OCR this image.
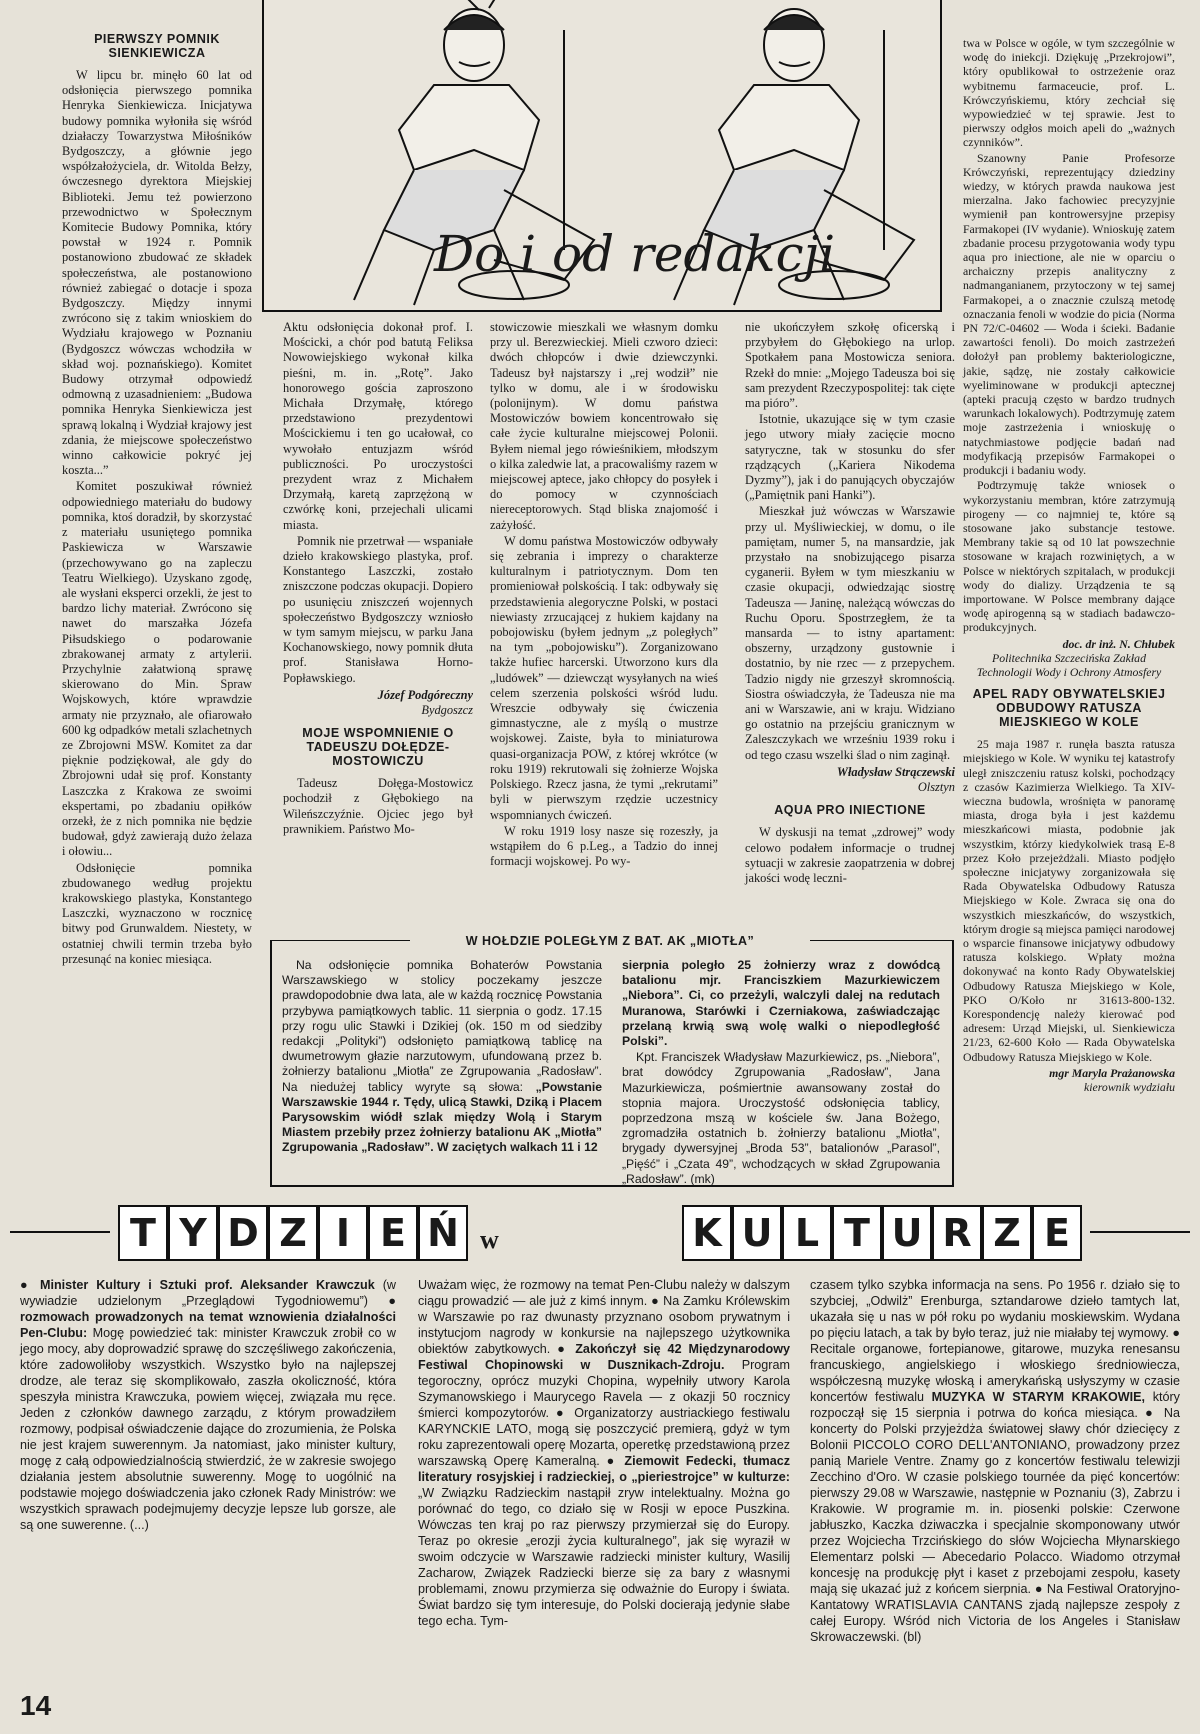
PIERWSZY POMNIK SIENKIEWICZA

W lipcu br. minęło 60 lat od odsłonięcia pierwszego pomnika Henryka Sienkiewicza. Inicjatywa budowy pomnika wyłoniła się wśród działaczy Towarzystwa Miłośników Bydgoszczy, a głównie jego współzałożyciela, dr. Witolda Bełzy, ówczesnego dyrektora Miejskiej Biblioteki. Jemu też powierzono przewodnictwo w Społecznym Komitecie Budowy Pomnika, który powstał w 1924 r. Pomnik postanowiono zbudować ze składek społeczeństwa, ale postanowiono również zabiegać o dotacje i spoza Bydgoszczy. Między innymi zwrócono się z takim wnioskiem do Wydziału krajowego w Poznaniu (Bydgoszcz wówczas wchodziła w skład woj. poznańskiego). Komitet Budowy otrzymał odpowiedź odmowną z uzasadnieniem: „Budowa pomnika Henryka Sienkiewicza jest sprawą lokalną i Wydział krajowy jest zdania, że miejscowe społeczeństwo winno całkowicie pokryć jej koszta...”

Komitet poszukiwał również odpowiedniego materiału do budowy pomnika, ktoś doradził, by skorzystać z materiału usuniętego pomnika Paskiewicza w Warszawie (przechowywano go na zapleczu Teatru Wielkiego). Uzyskano zgodę, ale wysłani eksperci orzekli, że jest to bardzo lichy materiał. Zwrócono się nawet do marszałka Józefa Piłsudskiego o podarowanie zbrakowanej armaty z artylerii. Przychylnie załatwioną sprawę skierowano do Min. Spraw Wojskowych, które wprawdzie armaty nie przyznało, ale ofiarowało 600 kg odpadków metali szlachetnych ze Zbrojowni MSW. Komitet za dar pięknie podziękował, ale gdy do Zbrojowni udał się prof. Konstanty Laszczka z Krakowa ze swoimi ekspertami, po zbadaniu opiłków orzekł, że z nich pomnika nie będzie budował, gdyż zawierają dużo żelaza i ołowiu...

Odsłonięcie pomnika zbudowanego według projektu krakowskiego plastyka, Konstantego Laszczki, wyznaczono w rocznicę bitwy pod Grunwaldem. Niestety, w ostatniej chwili termin trzeba było przesunąć na koniec miesiąca.

Do i od redakcji

Aktu odsłonięcia dokonał prof. I. Mościcki, a chór pod batutą Feliksa Nowowiejskiego wykonał kilka pieśni, m. in. „Rotę”. Jako honorowego gościa zaproszono Michała Drzymałę, którego przedstawiono prezydentowi Mościckiemu i ten go ucałował, co wywołało entuzjazm wśród publiczności. Po uroczystości prezydent wraz z Michałem Drzymałą, karetą zaprzężoną w czwórkę koni, przejechali ulicami miasta.

Pomnik nie przetrwał — wspaniałe dzieło krakowskiego plastyka, prof. Konstantego Laszczki, zostało zniszczone podczas okupacji. Dopiero po usunięciu zniszczeń wojennych społeczeństwo Bydgoszczy wzniosło w tym samym miejscu, w parku Jana Kochanowskiego, nowy pomnik dłuta prof. Stanisława Horno-Popławskiego.

Józef Podgóreczny
Bydgoszcz
MOJE WSPOMNIENIE O TADEUSZU DOŁĘDZE-MOSTOWICZU

Tadeusz Dołęga-Mostowicz pochodził z Głębokiego na Wileńszczyźnie. Ojciec jego był prawnikiem. Państwo Mo-

stowiczowie mieszkali we własnym domku przy ul. Berezwieckiej. Mieli czworo dzieci: dwóch chłopców i dwie dziewczynki. Tadeusz był najstarszy i „rej wodził” nie tylko w domu, ale i w środowisku (polonijnym). W domu państwa Mostowiczów bowiem koncentrowało się całe życie kulturalne miejscowej Polonii. Byłem niemal jego rówieśnikiem, młodszym o kilka zaledwie lat, a pracowaliśmy razem w miejscowej aptece, jako chłopcy do posyłek i do pomocy w czynnościach niereceptorowych. Stąd bliska znajomość i zażyłość.

W domu państwa Mostowiczów odbywały się zebrania i imprezy o charakterze kulturalnym i patriotycznym. Dom ten promieniował polskością. I tak: odbywały się przedstawienia alegoryczne Polski, w postaci niewiasty zrzucającej z hukiem kajdany na pobojowisku (byłem jednym „z poległych” na tym „pobojowisku”). Zorganizowano także hufiec harcerski. Utworzono kurs dla „ludówek” — dziewcząt wysyłanych na wieś celem szerzenia polskości wśród ludu. Wreszcie odbywały się ćwiczenia gimnastyczne, ale z myślą o mustrze wojskowej. Zaiste, była to miniaturowa quasi-organizacja POW, z której wkrótce (w roku 1919) rekrutowali się żołnierze Wojska Polskiego. Rzecz jasna, że tymi „rekrutami” byli w pierwszym rzędzie uczestnicy wspomnianych ćwiczeń.

W roku 1919 losy nasze się rozeszły, ja wstąpiłem do 6 p.Leg., a Tadzio do innej formacji wojskowej. Po wy-

nie ukończyłem szkołę oficerską i przybyłem do Głębokiego na urlop. Spotkałem pana Mostowicza seniora. Rzekł do mnie: „Mojego Tadeusza boi się sam prezydent Rzeczypospolitej: tak cięte ma pióro”.

Istotnie, ukazujące się w tym czasie jego utwory miały zacięcie mocno satyryczne, tak w stosunku do sfer rządzących („Kariera Nikodema Dyzmy”), jak i do panujących obyczajów („Pamiętnik pani Hanki”).

Mieszkał już wówczas w Warszawie przy ul. Myśliwieckiej, w domu, o ile pamiętam, numer 5, na mansardzie, jak przystało na snobizującego pisarza cyganerii. Byłem w tym mieszkaniu w czasie okupacji, odwiedzając siostrę Tadeusza — Janinę, należącą wówczas do Ruchu Oporu. Spostrzegłem, że ta mansarda — to istny apartament: obszerny, urządzony gustownie i dostatnio, by nie rzec — z przepychem. Tadzio nigdy nie grzeszył skromnością. Siostra oświadczyła, że Tadeusza nie ma ani w Warszawie, ani w kraju. Widziano go ostatnio na przejściu granicznym w Zaleszczykach we wrześniu 1939 roku i od tego czasu wszelki ślad o nim zaginął.

Władysław Strączewski
Olsztyn
AQUA PRO INIECTIONE

W dyskusji na temat „zdrowej” wody celowo podałem informacje o trudnej sytuacji w zakresie zaopatrzenia w dobrej jakości wodę leczni-

twa w Polsce w ogóle, w tym szczególnie w wodę do iniekcji. Dziękuję „Przekrojowi”, który opublikował to ostrzeżenie oraz wybitnemu farmaceucie, prof. L. Krówczyńskiemu, który zechciał się wypowiedzieć w tej sprawie. Jest to pierwszy odgłos moich apeli do „ważnych czynników”.

Szanowny Panie Profesorze Krówczyński, reprezentujący dziedziny wiedzy, w których prawda naukowa jest mierzalna. Jako fachowiec precyzyjnie wymienił pan kontrowersyjne przepisy Farmakopei (IV wydanie). Wnioskuję zatem zbadanie procesu przygotowania wody typu aqua pro iniectione, ale nie w oparciu o archaiczny przepis analityczny z nadmanganianem, przytoczony w tej samej Farmakopei, a o znacznie czulszą metodę oznaczania fenoli w wodzie do picia (Norma PN 72/C-04602 — Woda i ścieki. Badanie zawartości fenoli). Do moich zastrzeżeń dołożył pan problemy bakteriologiczne, jakie, sądzę, nie zostały całkowicie wyeliminowane w produkcji aptecznej (apteki pracują często w bardzo trudnych warunkach lokalowych). Podtrzymuję zatem moje zastrzeżenia i wnioskuję o natychmiastowe podjęcie badań nad modyfikacją przepisów Farmakopei o produkcji i badaniu wody.

Podtrzymuję także wniosek o wykorzystaniu membran, które zatrzymują pirogeny — co najmniej te, które są stosowane jako substancje testowe. Membrany takie są od 10 lat powszechnie stosowane w krajach rozwiniętych, a w Polsce w niektórych szpitalach, w produkcji wody do dializy. Urządzenia te są importowane. W Polsce membrany dające wodę apirogenną są w stadiach badawczo-produkcyjnych.

doc. dr inż. N. Chłubek
Politechnika Szczecińska Zakład Technologii Wody i Ochrony Atmosfery
APEL RADY OBYWATELSKIEJ ODBUDOWY RATUSZA MIEJSKIEGO W KOLE

25 maja 1987 r. runęła baszta ratusza miejskiego w Kole. W wyniku tej katastrofy uległ zniszczeniu ratusz kolski, pochodzący z czasów Kazimierza Wielkiego. Ta XIV-wieczna budowla, wrośnięta w panoramę miasta, droga była i jest każdemu mieszkańcowi miasta, podobnie jak wszystkim, którzy kiedykolwiek trasą E-8 przez Koło przejeżdżali. Miasto podjęło społeczne inicjatywy zorganizowała się Rada Obywatelska Odbudowy Ratusza Miejskiego w Kole. Zwraca się ona do wszystkich mieszkańców, do wszystkich, którym drogie są miejsca pamięci narodowej o wsparcie finansowe inicjatywy odbudowy ratusza kolskiego. Wpłaty można dokonywać na konto Rady Obywatelskiej Odbudowy Ratusza Miejskiego w Kole, PKO O/Koło nr 31613-800-132. Korespondencję należy kierować pod adresem: Urząd Miejski, ul. Sienkiewicza 21/23, 62-600 Koło — Rada Obywatelska Odbudowy Ratusza Miejskiego w Kole.

mgr Maryla Prażanowska
kierownik wydziału
W HOŁDZIE POLEGŁYM Z BAT. AK „MIOTŁA”

Na odsłonięcie pomnika Bohaterów Powstania Warszawskiego w stolicy poczekamy jeszcze prawdopodobnie dwa lata, ale w każdą rocznicę Powstania przybywa pamiątkowych tablic. 11 sierpnia o godz. 17.15 przy rogu ulic Stawki i Dzikiej (ok. 150 m od siedziby redakcji „Polityki”) odsłonięto pamiątkową tablicę na dwumetrowym głazie narzutowym, ufundowaną przez b. żołnierzy batalionu „Miotła” ze Zgrupowania „Radosław”. Na niedużej tablicy wyryte są słowa: „Powstanie Warszawskie 1944 r. Tędy, ulicą Stawki, Dziką i Placem Parysowskim wiódł szlak między Wolą i Starym Miastem przebiły przez żołnierzy batalionu AK „Miotła” Zgrupowania „Radosław”. W zaciętych walkach 11 i 12

sierpnia poległo 25 żołnierzy wraz z dowódcą batalionu mjr. Franciszkiem Mazurkiewiczem „Niebora”. Ci, co przeżyli, walczyli dalej na redutach Muranowa, Starówki i Czerniakowa, zaświadczając przelaną krwią swą wolę walki o niepodległość Polski”.

Kpt. Franciszek Władysław Mazurkiewicz, ps. „Niebora”, brat dowódcy Zgrupowania „Radosław”, Jana Mazurkiewicza, pośmiertnie awansowany został do stopnia majora. Uroczystość odsłonięcia tablicy, poprzedzona mszą w kościele św. Jana Bożego, zgromadziła ostatnich b. żołnierzy batalionu „Miotła”, brygady dywersyjnej „Broda 53”, batalionów „Parasol”, „Pięść” i „Czata 49”, wchodzących w skład Zgrupowania „Radosław”. (mk)

T Y D Z I E Ń w	K U L T U R Z E
● Minister Kultury i Sztuki prof. Aleksander Krawczuk (w wywiadzie udzielonym „Przeglądowi Tygodniowemu”) ● rozmowach prowadzonych na temat wznowienia działalności Pen-Clubu: Mogę powiedzieć tak: minister Krawczuk zrobił co w jego mocy, aby doprowadzić sprawę do szczęśliwego zakończenia, które zadowoliłoby wszystkich. Wszystko było na najlepszej drodze, ale teraz się skomplikowało, zaszła okoliczność, która speszyła ministra Krawczuka, powiem więcej, związała mu ręce. Jeden z członków dawnego zarządu, z którym prowadziłem rozmowy, podpisał oświadczenie dające do zrozumienia, że Polska nie jest krajem suwerennym. Ja natomiast, jako minister kultury, mogę z całą odpowiedzialnością stwierdzić, że w zakresie swojego działania jestem absolutnie suwerenny. Mogę to uogólnić na podstawie mojego doświadczenia jako członek Rady Ministrów: we wszystkich sprawach podejmujemy decyzje lepsze lub gorsze, ale są one suwerenne. (...)
Uważam więc, że rozmowy na temat Pen-Clubu należy w dalszym ciągu prowadzić — ale już z kimś innym. ● Na Zamku Królewskim w Warszawie po raz dwunasty przyznano osobom prywatnym i instytucjom nagrody w konkursie na najlepszego użytkownika obiektów zabytkowych. ● Zakończył się 42 Międzynarodowy Festiwal Chopinowski w Dusznikach-Zdroju. Program tegoroczny, oprócz muzyki Chopina, wypełniły utwory Karola Szymanowskiego i Maurycego Ravela — z okazji 50 rocznicy śmierci kompozytorów. ● Organizatorzy austriackiego festiwalu KARYNCKIE LATO, mogą się poszczycić premierą, gdyż w tym roku zaprezentowali operę Mozarta, operetkę przedstawioną przez warszawską Operę Kameralną. ● Ziemowit Fedecki, tłumacz literatury rosyjskiej i radzieckiej, o „pieriestrojce” w kulturze: „W Związku Radzieckim nastąpił zryw intelektualny. Można go porównać do tego, co działo się w Rosji w epoce Puszkina. Wówczas ten kraj po raz pierwszy przymierzał się do Europy. Teraz po okresie „erozji życia kulturalnego”, jak się wyraził w swoim odczycie w Warszawie radziecki minister kultury, Wasilij Zacharow, Związek Radziecki bierze się za bary z własnymi problemami, znowu przymierza się odważnie do Europy i świata. Świat bardzo się tym interesuje, do Polski docierają jedynie słabe tego echa. Tym-
czasem tylko szybka informacja na sens. Po 1956 r. działo się to szybciej, „Odwilż” Erenburga, sztandarowe dzieło tamtych lat, ukazała się u nas w pół roku po wydaniu moskiewskim. Wydana po pięciu latach, a tak by było teraz, już nie miałaby tej wymowy. ● Recitale organowe, fortepianowe, gitarowe, muzyka renesansu francuskiego, angielskiego i włoskiego średniowiecza, współczesną muzykę włoską i amerykańską usłyszymy w czasie koncertów festiwalu MUZYKA W STARYM KRAKOWIE, który rozpoczął się 15 sierpnia i potrwa do końca miesiąca. ● Na koncerty do Polski przyjeżdża światowej sławy chór dziecięcy z Bolonii PICCOLO CORO DELL'ANTONIANO, prowadzony przez panią Mariele Ventre. Znamy go z koncertów festiwalu telewizji Zecchino d'Oro. W czasie polskiego tournée da pięć koncertów: pierwszy 29.08 w Warszawie, następnie w Poznaniu (3), Zabrzu i Krakowie. W programie m. in. piosenki polskie: Czerwone jabłuszko, Kaczka dziwaczka i specjalnie skomponowany utwór przez Wojciecha Trzcińskiego do słów Wojciecha Młynarskiego Elementarz polski — Abecedario Polacco. Wiadomo otrzymał koncesję na produkcję płyt i kaset z przebojami zespołu, kasety mają się ukazać już z końcem sierpnia. ● Na Festiwal Oratoryjno-Kantatowy WRATISLAVIA CANTANS zjadą najlepsze zespoły z całej Europy. Wśród nich Victoria de los Angeles i Stanisław Skrowaczewski. (bl)
14
